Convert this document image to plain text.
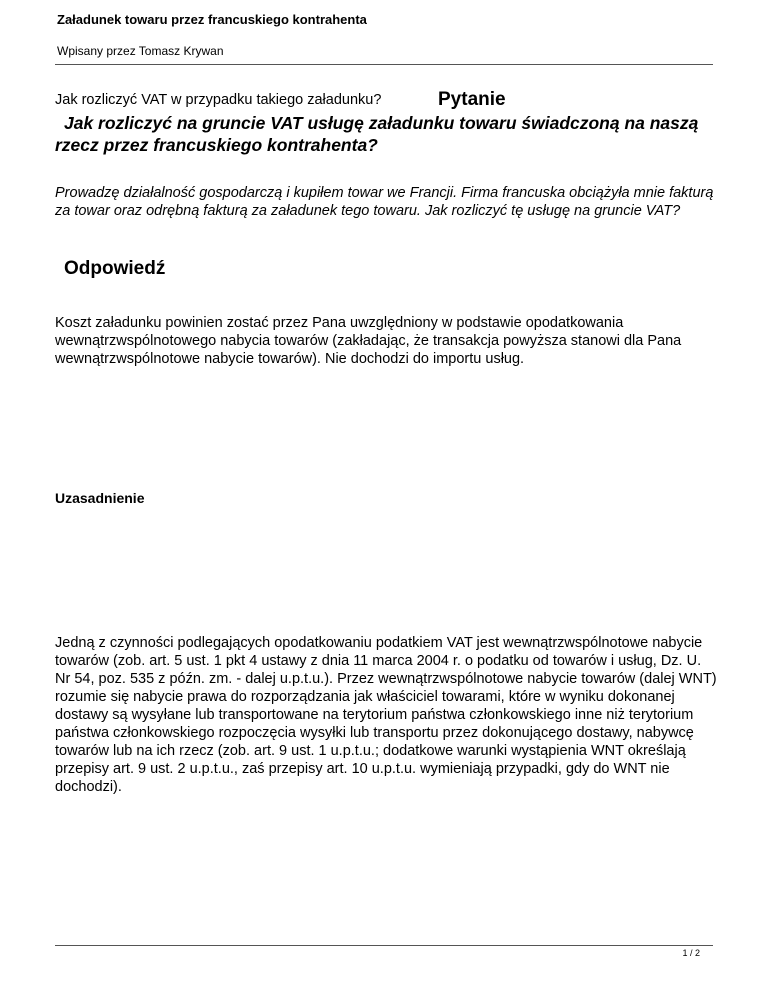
Załadunek towaru przez francuskiego kontrahenta
Wpisany przez Tomasz Krywan
Jak rozliczyć VAT w przypadku takiego załadunku?	Pytanie
Jak rozliczyć na gruncie VAT usługę załadunku towaru świadczoną na naszą rzecz przez francuskiego kontrahenta?
Prowadzę działalność gospodarczą i kupiłem towar we Francji. Firma francuska obciążyła mnie fakturą za towar oraz odrębną fakturą za załadunek tego towaru. Jak rozliczyć tę usługę na gruncie VAT?
Odpowiedź
Koszt załadunku powinien zostać przez Pana uwzględniony w podstawie opodatkowania wewnątrzwspólnotowego nabycia towarów (zakładając, że transakcja powyższa stanowi dla Pana wewnątrzwspólnotowe nabycie towarów). Nie dochodzi do importu usług.
Uzasadnienie
Jedną z czynności podlegających opodatkowaniu podatkiem VAT jest wewnątrzwspólnotowe nabycie towarów (zob. art. 5 ust. 1 pkt 4 ustawy z dnia 11 marca 2004 r. o podatku od towarów i usług, Dz. U. Nr 54, poz. 535 z późn. zm. - dalej u.p.t.u.). Przez wewnątrzwspólnotowe nabycie towarów (dalej WNT) rozumie się nabycie prawa do rozporządzania jak właściciel towarami, które w wyniku dokonanej dostawy są wysyłane lub transportowane na terytorium państwa członkowskiego inne niż terytorium państwa członkowskiego rozpoczęcia wysyłki lub transportu przez dokonującego dostawy, nabywcę towarów lub na ich rzecz (zob. art. 9 ust. 1 u.p.t.u.; dodatkowe warunki wystąpienia WNT określają przepisy art. 9 ust. 2 u.p.t.u., zaś przepisy art. 10 u.p.t.u. wymieniają przypadki, gdy do WNT nie dochodzi).
1 / 2
